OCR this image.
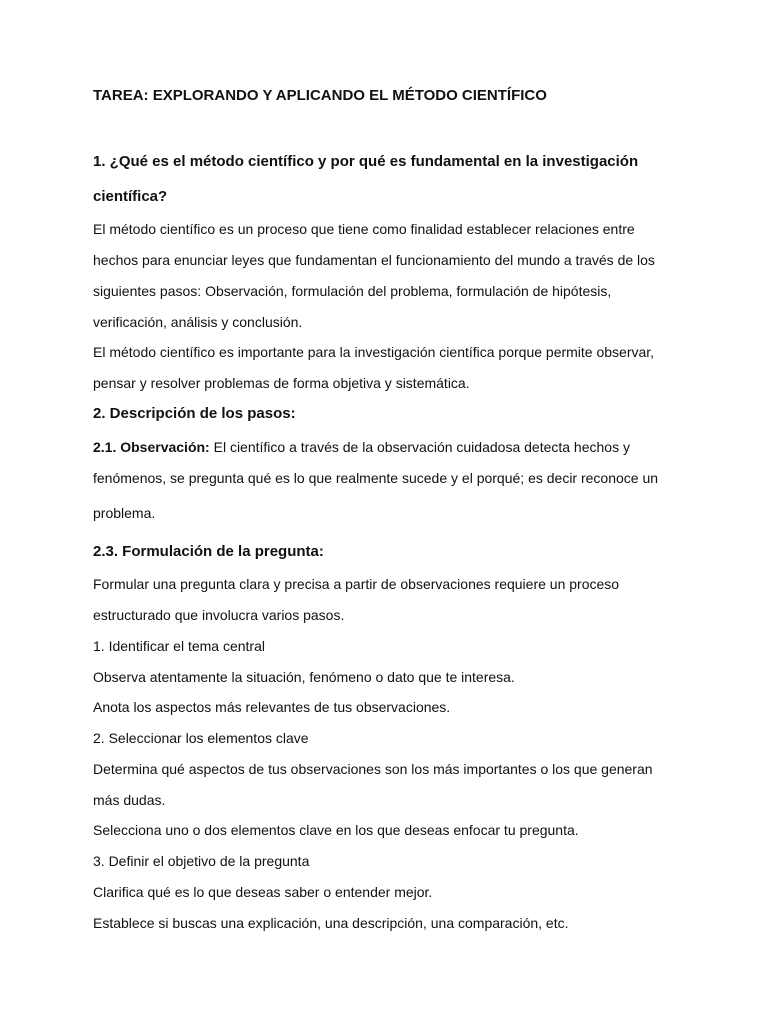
TAREA: EXPLORANDO Y APLICANDO EL MÉTODO CIENTÍFICO
1. ¿Qué es el método científico y por qué es fundamental en la investigación
científica?
El método científico es un proceso que tiene como finalidad establecer relaciones entre
hechos para enunciar leyes que fundamentan el funcionamiento del mundo a través de los
siguientes pasos: Observación, formulación del problema, formulación de hipótesis,
verificación, análisis y conclusión.
El método científico es importante para la investigación científica porque permite observar,
pensar y resolver problemas de forma objetiva y sistemática.
2. Descripción de los pasos:
2.1. Observación: El científico a través de la observación cuidadosa detecta hechos y
fenómenos, se pregunta qué es lo que realmente sucede y el porqué; es decir reconoce un
problema.
2.3. Formulación de la pregunta:
Formular una pregunta clara y precisa a partir de observaciones requiere un proceso
estructurado que involucra varios pasos.
1. Identificar el tema central
Observa atentamente la situación, fenómeno o dato que te interesa.
Anota los aspectos más relevantes de tus observaciones.
2. Seleccionar los elementos clave
Determina qué aspectos de tus observaciones son los más importantes o los que generan
más dudas.
Selecciona uno o dos elementos clave en los que deseas enfocar tu pregunta.
3. Definir el objetivo de la pregunta
Clarifica qué es lo que deseas saber o entender mejor.
Establece si buscas una explicación, una descripción, una comparación, etc.
